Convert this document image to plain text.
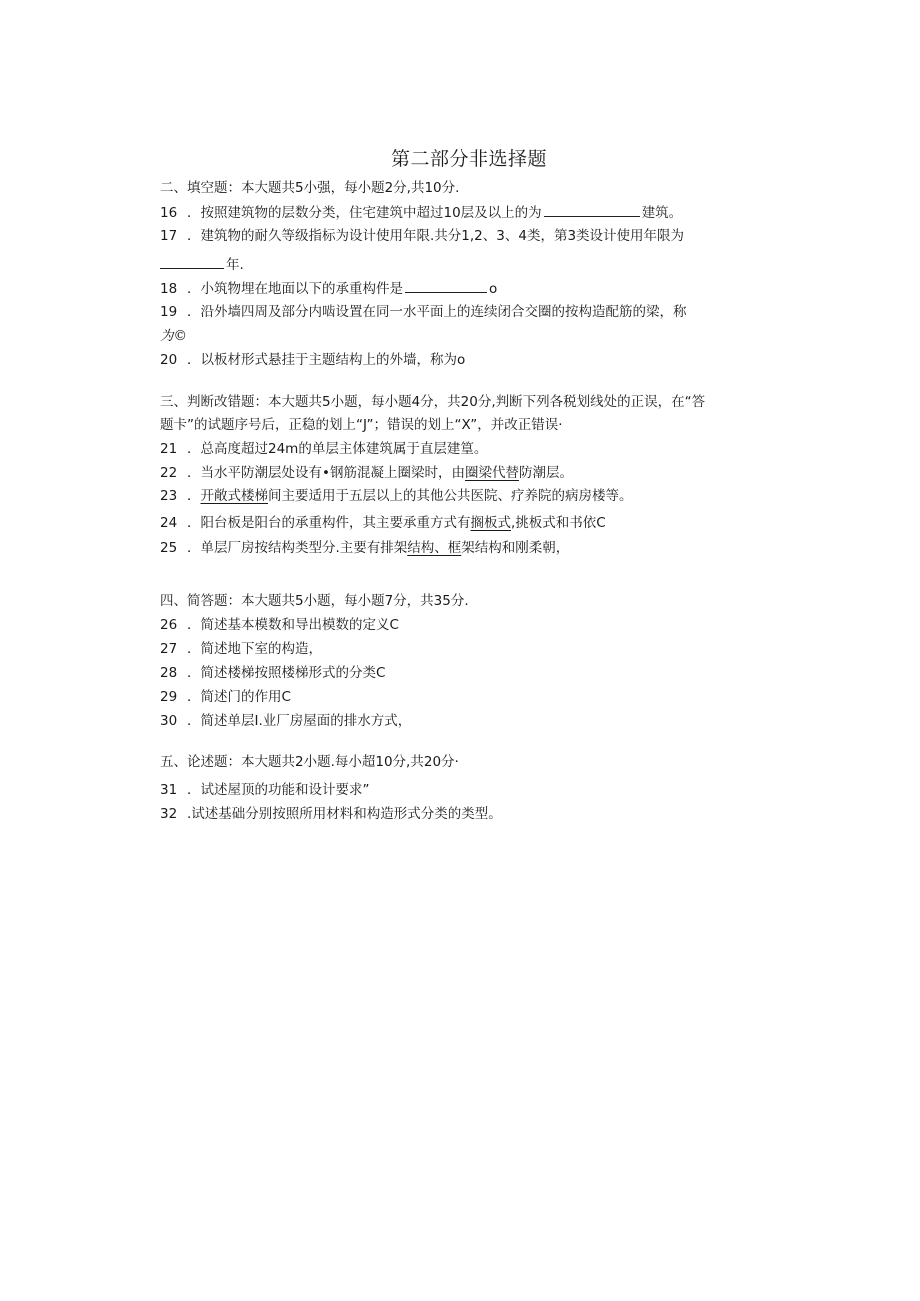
第二部分非选择题
二、填空题：本大题共5小强，每小题2分,共10分.
16 ．按照建筑物的层数分类，住宅建筑中超过10层及以上的为	建筑。
17 ．建筑物的耐久等级指标为设计使用年限.共分1,2、3、4类，第3类设计使用年限为
年.
18 ．小筑物埋在地面以下的承重构件是	o
19 ．沿外墙四周及部分内啮设置在同一水平面上的连续闭合交圈的按构造配筋的梁，称
为©
20 ．以板材形式悬挂于主题结构上的外墙，称为o
三、判断改错题：本大题共5小题，每小题4分，共20分,判断下列各税划线处的正误，在“答
题卡”的试题序号后，正稳的划上“J”；错误的划上“X”，并改正错误·
21 ．总高度超过24m的单层主体建筑属于直层建篁。
22 ．当水平防潮层处设有•钢筋混凝上圈梁时，由圈梁代替防潮层。
23 ．开敞式楼梯间主要适用于五层以上的其他公共医院、疗养院的病房楼等。
24 ．阳台板是阳台的承重构件，其主要承重方式有搁板式,挑板式和书依C
25 ．单层厂房按结构类型分.主要有排架结构、框架结构和刚柔朝，
四、简答题：本大题共5小题，每小题7分，共35分.
26 ．简述基本模数和导出模数的定义C
27 ．简述地下室的构造，
28 ．简述楼梯按照楼梯形式的分类C
29 ．简述门的作用C
30 ．简述单层I.业厂房屋面的排水方式，
五、论述题：本大题共2小题.每小超10分,共20分·
31 ．试述屋顶的功能和设计要求”
32 .试述基础分别按照所用材料和构造形式分类的类型。
